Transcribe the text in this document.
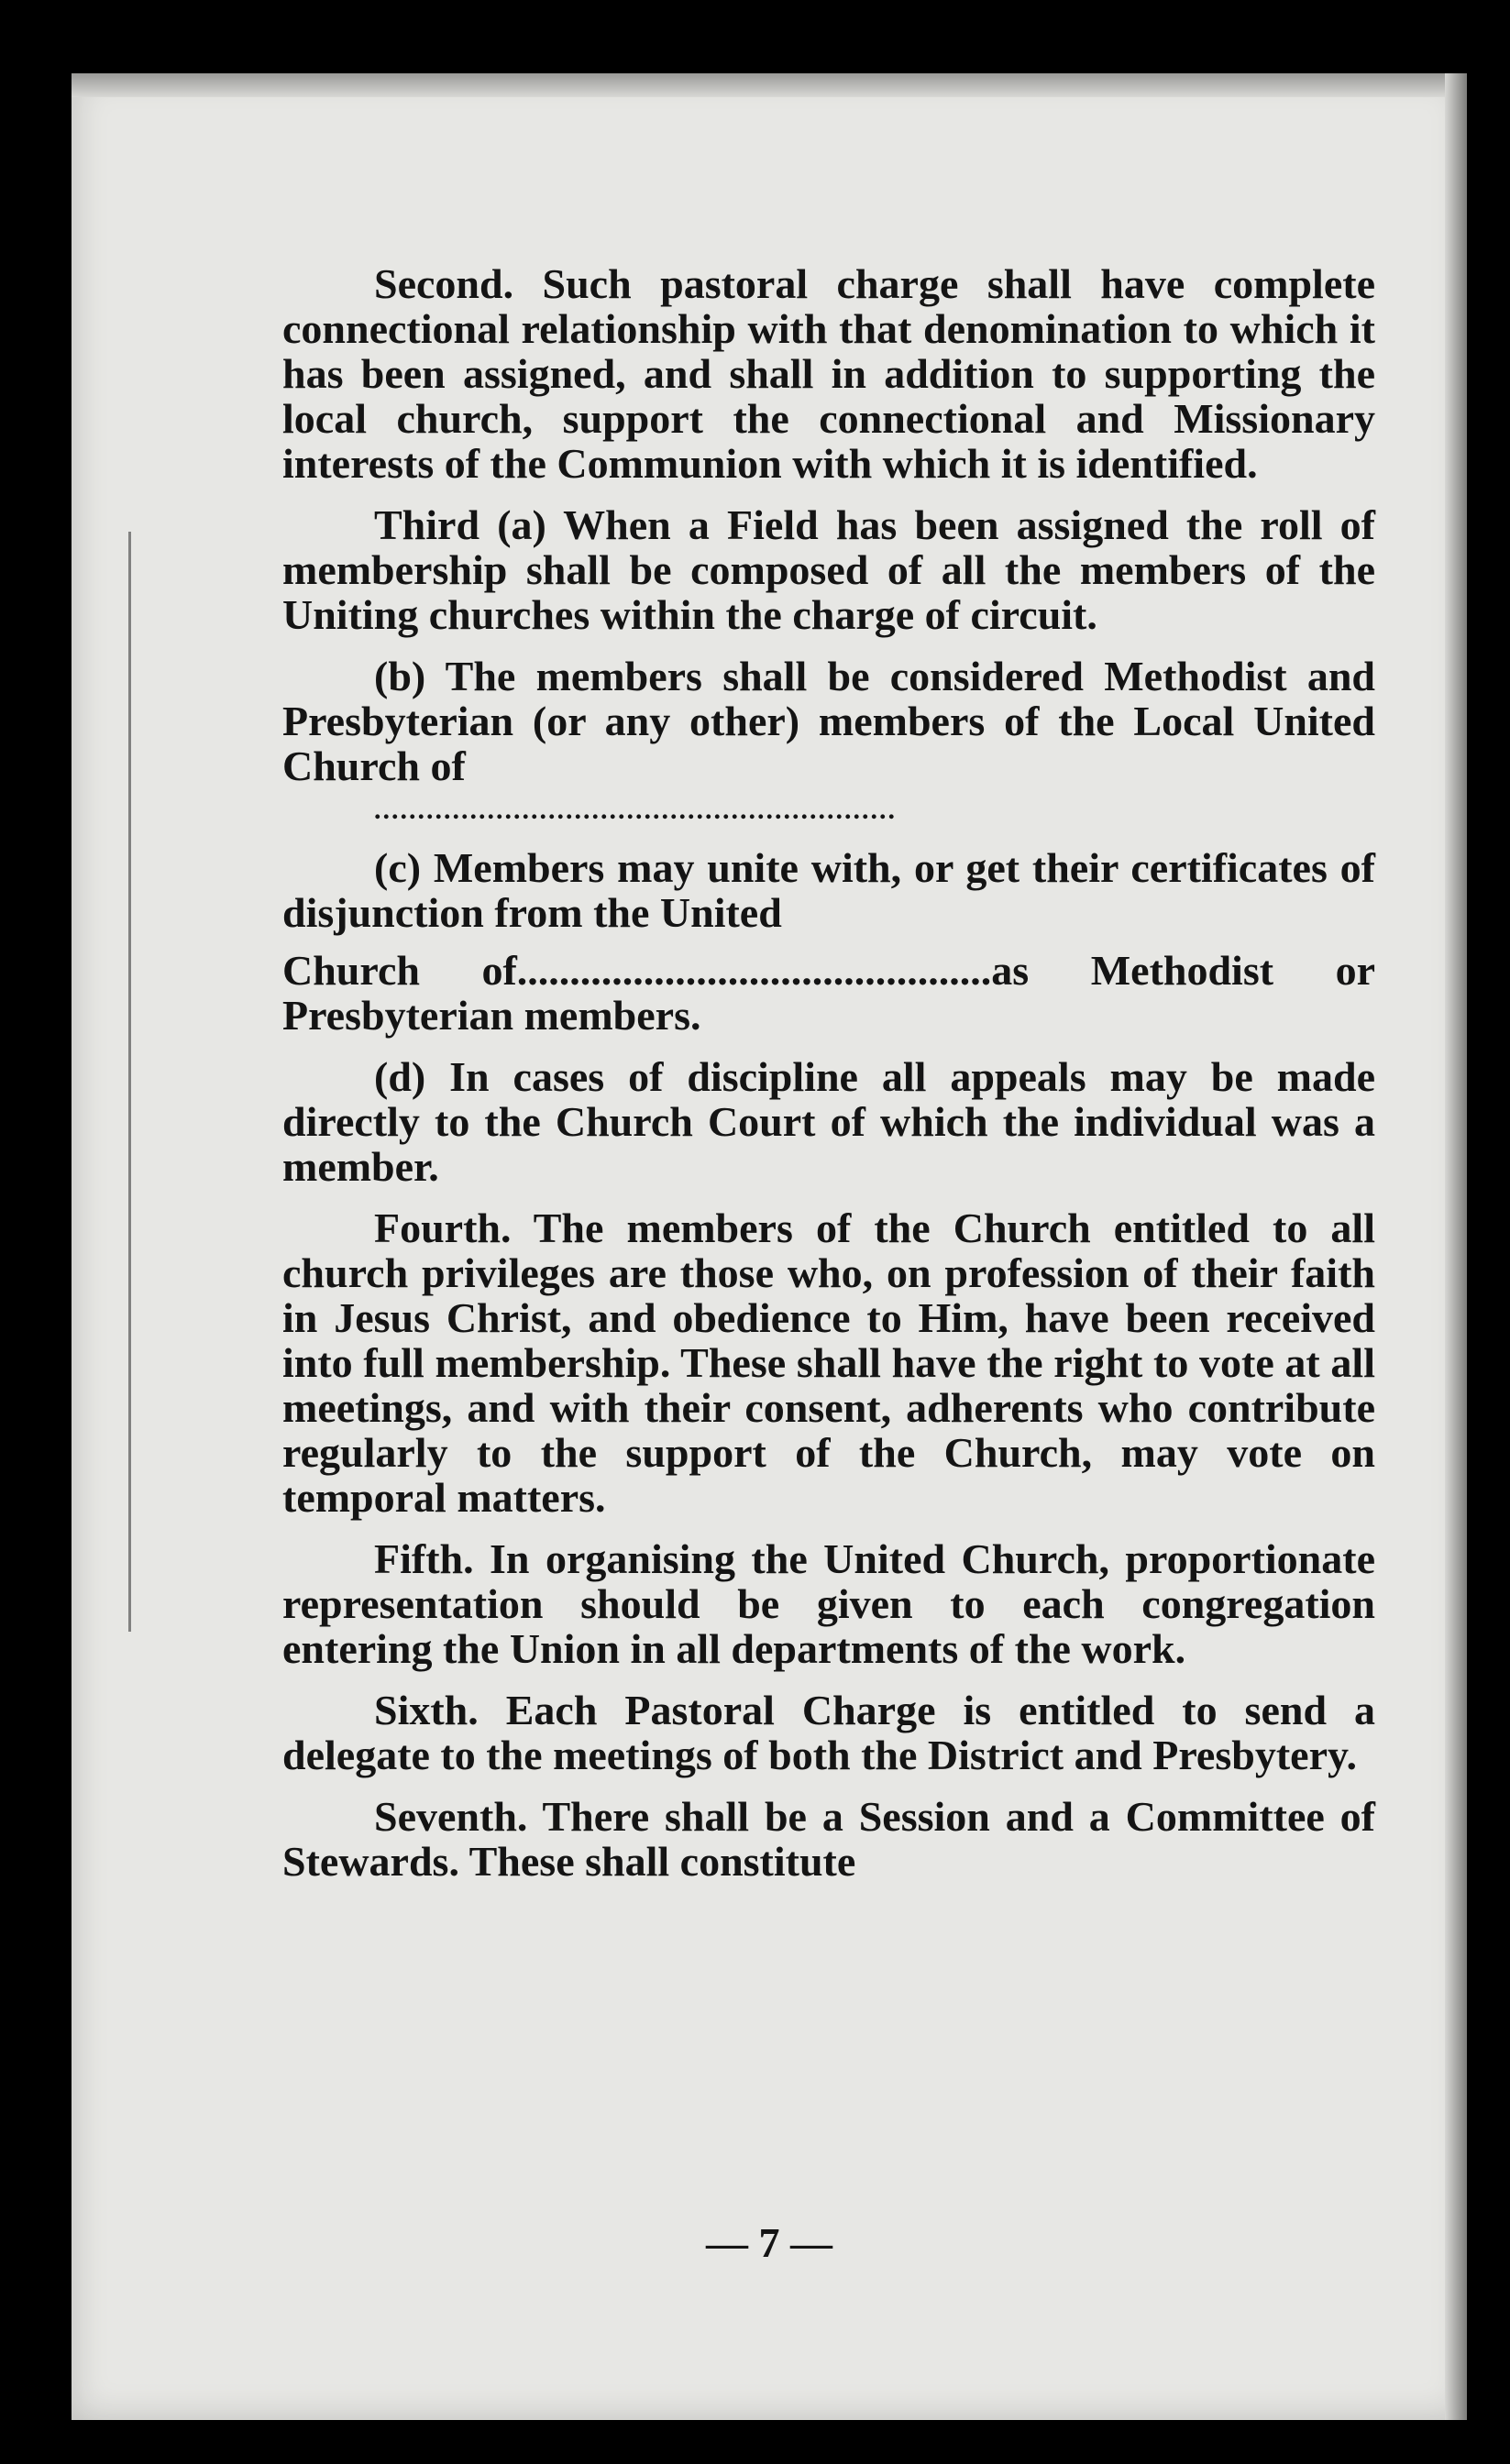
Second. Such pastoral charge shall have complete connectional relationship with that denomination to which it has been assigned, and shall in addition to supporting the local church, support the connectional and Missionary interests of the Communion with which it is identified.

Third (a) When a Field has been assigned the roll of membership shall be composed of all the members of the Uniting churches within the charge of circuit.

(b) The members shall be considered Methodist and Presbyterian (or any other) members of the Local United Church of

............................................................

(c) Members may unite with, or get their certificates of disjunction from the United

Church of.............................................as Methodist or Presbyterian members.

(d) In cases of discipline all appeals may be made directly to the Church Court of which the individual was a member.

Fourth. The members of the Church entitled to all church privileges are those who, on profession of their faith in Jesus Christ, and obedience to Him, have been received into full membership. These shall have the right to vote at all meetings, and with their consent, adherents who contribute regularly to the support of the Church, may vote on temporal matters.

Fifth. In organising the United Church, proportionate representation should be given to each congregation entering the Union in all departments of the work.

Sixth. Each Pastoral Charge is entitled to send a delegate to the meetings of both the District and Presbytery.

Seventh. There shall be a Session and a Committee of Stewards. These shall constitute

— 7 —
